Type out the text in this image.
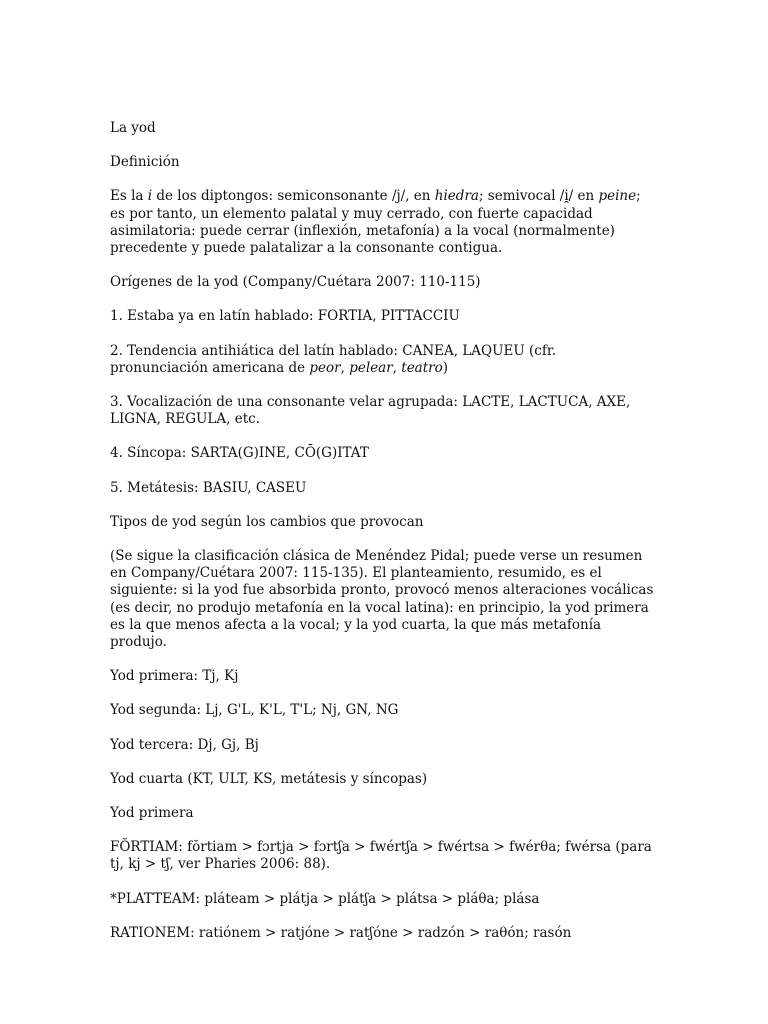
La yod

Definición

Es la i de los diptongos: semiconsonante /j/, en hiedra; semivocal /i̯/ en peine; es por tanto, un elemento palatal y muy cerrado, con fuerte capacidad asimilatoria: puede cerrar (inflexión, metafonía) a la vocal (normalmente) precedente y puede palatalizar a la consonante contigua.

Orígenes de la yod (Company/Cuétara 2007: 110-115)

1. Estaba ya en latín hablado: FORTIA, PITTACCIU

2. Tendencia antihiática del latín hablado: CANEA, LAQUEU (cfr. pronunciación americana de peor, pelear, teatro)

3. Vocalización de una consonante velar agrupada: LACTE, LACTUCA, AXE, LIGNA, REGULA, etc.

4. Síncopa: SARTA(G)INE, CŌ(G)ITAT

5. Metátesis: BASIU, CASEU

Tipos de yod según los cambios que provocan

(Se sigue la clasificación clásica de Menéndez Pidal; puede verse un resumen en Company/Cuétara 2007: 115-135). El planteamiento, resumido, es el siguiente: si la yod fue absorbida pronto, provocó menos alteraciones vocálicas (es decir, no produjo metafonía en la vocal latina): en principio, la yod primera es la que menos afecta a la vocal; y la yod cuarta, la que más metafonía produjo.

Yod primera: Tj, Kj

Yod segunda: Lj, G'L, K'L, T'L; Nj, GN, NG

Yod tercera: Dj, Gj, Bj

Yod cuarta (KT, ULT, KS, metátesis y síncopas)

Yod primera

FŎRTIAM: fŏrtiam > fɔrtja > fɔrtʃa > fwértʃa > fwértsa > fwérθa; fwérsa (para tj, kj > tʃ, ver Pharies 2006: 88).

*PLATTEAM: pláteam > plátja > plátʃa > plátsa > pláθa; plása

RATIONEM: ratiónem > ratjóne > ratʃóne > radzón > raθón; rasón
